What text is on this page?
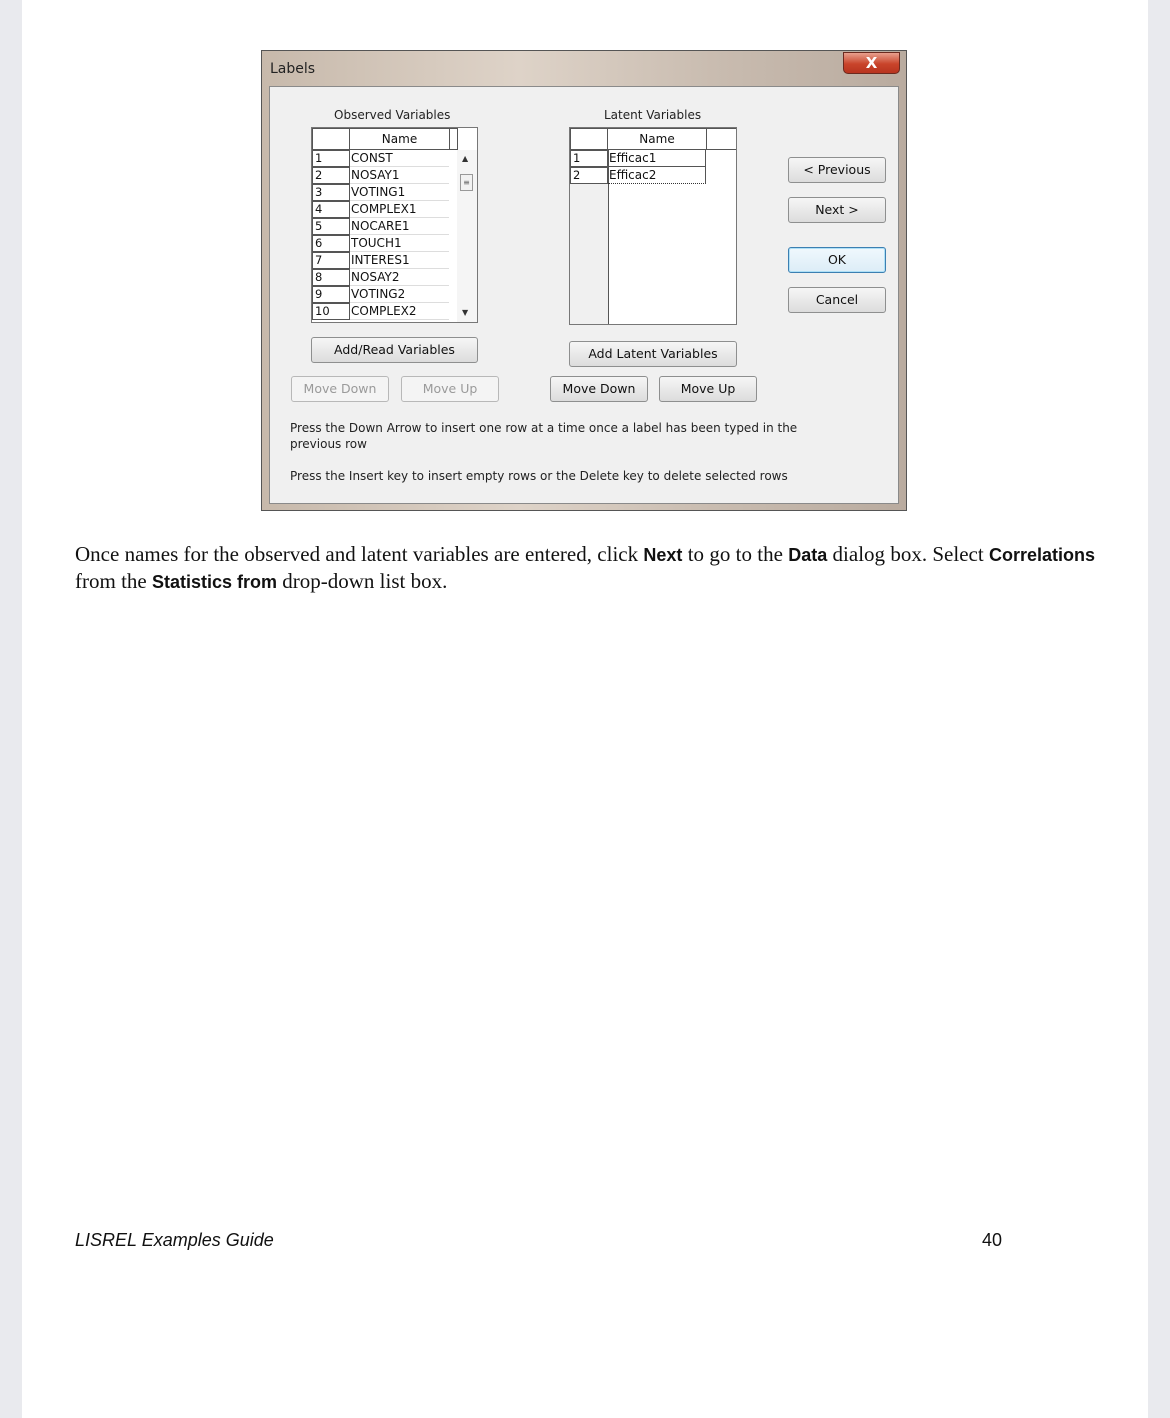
Labels	X
Observed Variables
Name
1	CONST
2	NOSAY1
3	VOTING1
4	COMPLEX1
5	NOCARE1
6	TOUCH1
7	INTERES1
8	NOSAY2
9	VOTING2
10	COMPLEX2
▲
≡
▼
Add/Read Variables
Move Down	Move Up
Latent Variables
Name
1	Efficac1
2	Efficac2
Add Latent Variables
Move Down	Move Up
< Previous
Next >
OK
Cancel
Press the Down Arrow to insert one row at a time once a label has been typed in the previous row
Press the Insert key to insert empty rows or the Delete key to delete selected rows
Once names for the observed and latent variables are entered, click Next to go to the Data dialog box. Select Correlations from the Statistics from drop-down list box.
LISREL Examples Guide	40
